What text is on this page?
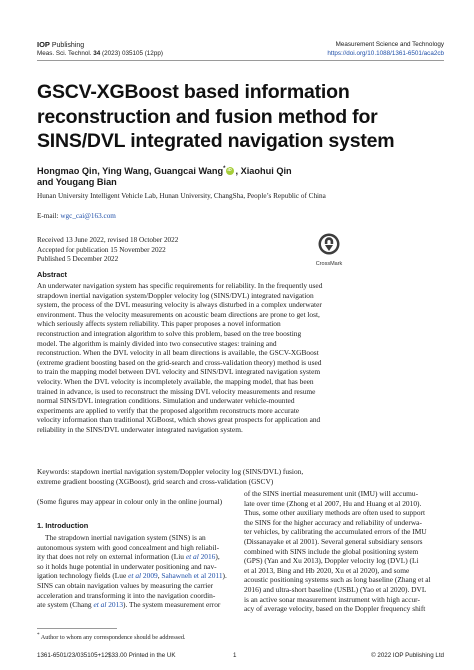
IOP Publishing	Measurement Science and Technology
https://doi.org/10.1088/1361-6501/aca2cb
Meas. Sci. Technol. 34 (2023) 035105 (12pp)
GSCV-XGBoost based information
reconstruction and fusion method for
SINS/DVL integrated navigation system
Hongmao Qin, Ying Wang, Guangcai Wang*iD , Xiaohui Qin
and Yougang Bian
Hunan University Intelligent Vehicle Lab, Hunan University, ChangSha, People’s Republic of China
E-mail: wgc_cai@163.com
Received 13 June 2022, revised 18 October 2022
Accepted for publication 15 November 2022
Published 5 December 2022
CrossMark
Abstract
An underwater navigation system has specific requirements for reliability. In the frequently used
strapdown inertial navigation system/Doppler velocity log (SINS/DVL) integrated navigation
system, the process of the DVL measuring velocity is always disturbed in a complex underwater
environment. Thus the velocity measurements on acoustic beam directions are prone to get lost,
which seriously affects system reliability. This paper proposes a novel information
reconstruction and integration algorithm to solve this problem, based on the tree boosting
model. The algorithm is mainly divided into two consecutive stages: training and
reconstruction. When the DVL velocity in all beam directions is available, the GSCV-XGBoost
(extreme gradient boosting based on the grid-search and cross-validation theory) method is used
to train the mapping model between DVL velocity and SINS/DVL integrated navigation system
velocity. When the DVL velocity is incompletely available, the mapping model, that has been
trained in advance, is used to reconstruct the missing DVL velocity measurements and resume
normal SINS/DVL integration conditions. Simulation and underwater vehicle-mounted
experiments are applied to verify that the proposed algorithm reconstructs more accurate
velocity information than traditional XGBoost, which shows great prospects for application and
reliability in the SINS/DVL underwater integrated navigation system.
Keywords: stapdown inertial navigation system/Doppler velocity log (SINS/DVL) fusion,
extreme gradient boosting (XGBoost), grid search and cross-validation (GSCV)
(Some figures may appear in colour only in the online journal)
1. Introduction
The strapdown inertial navigation system (SINS) is an
autonomous system with good concealment and high reliabil-
ity that does not rely on external information (Liu et al 2016),
so it holds huge potential in underwater positioning and nav-
igation technology fields (Lue et al 2009, Sahawneh et al 2011).
SINS can obtain navigation values by measuring the carrier
acceleration and transforming it into the navigation coordin-
ate system (Chang et al 2013). The system measurement error
of the SINS inertial measurement unit (IMU) will accumu-
late over time (Zhong et al 2007, Hu and Huang et al 2010).
Thus, some other auxiliary methods are often used to support
the SINS for the higher accuracy and reliability of underwa-
ter vehicles, by calibrating the accumulated errors of the IMU
(Dissanayake et al 2001). Several general subsidiary sensors
combined with SINS include the global positioning system
(GPS) (Yan and Xu 2013), Doppler velocity log (DVL) (Li
et al 2013, Bing and Hb 2020, Xu et al 2020), and some
acoustic positioning systems such as long baseline (Zhang et al
2016) and ultra-short baseline (USBL) (Yao et al 2020). DVL
is an active sonar measurement instrument with high accur-
acy of average velocity, based on the Doppler frequency shift
* Author to whom any correspondence should be addressed.
1361-6501/23/035105+12$33.00 Printed in the UK	1	© 2022 IOP Publishing Ltd
